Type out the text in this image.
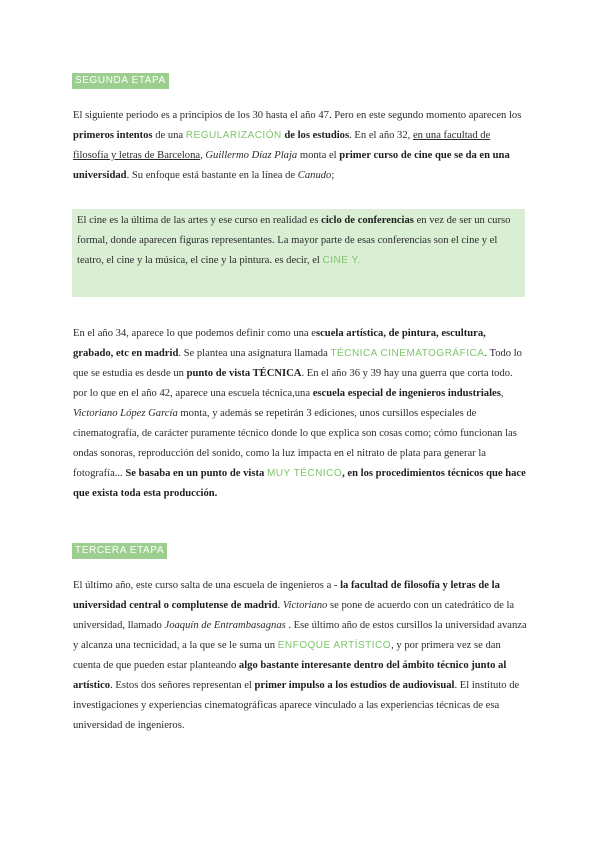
SEGUNDA ETAPA

El siguiente periodo es a principios de los 30 hasta el año 47. Pero en este segundo momento aparecen los primeros intentos de una REGULARIZACIÓN de los estudios. En el año 32, en una facultad de filosofía y letras de Barcelona, Guillermo Díaz Plaja monta el primer curso de cine que se da en una universidad. Su enfoque está bastante en la línea de Canudo;

El cine es la última de las artes y ese curso en realidad es ciclo de conferencias en vez de ser un curso formal, donde aparecen figuras representantes. La mayor parte de esas conferencias son el cine y el teatro, el cine y la música, el cine y la pintura. es decir, el CINE Y.

En el año 34, aparece lo que podemos definir como una escuela artística, de pintura, escultura, grabado, etc en madrid. Se plantea una asignatura llamada TÉCNICA CINEMATOGRÁFICA. Todo lo que se estudia es desde un punto de vista TÉCNICA. En el año 36 y 39 hay una guerra que corta todo. por lo que en el año 42, aparece una escuela técnica,una escuela especial de ingenieros industriales, Victoriano López García monta, y además se repetirán 3 ediciones, unos cursillos especiales de cinematografía, de carácter puramente técnico donde lo que explica son cosas como; cómo funcionan las ondas sonoras, reproducción del sonido, como la luz impacta en el nitrato de plata para generar la fotografía... Se basaba en un punto de vista MUY TÉCNICO, en los procedimientos técnicos que hace que exista toda esta producción.

TERCERA ETAPA

El último año, este curso salta de una escuela de ingenieros a - la facultad de filosofía y letras de la universidad central o complutense de madrid. Victoriano se pone de acuerdo con un catedrático de la universidad, llamado Joaquín de Entrambasagnas . Ese último año de estos cursillos la universidad avanza y alcanza una tecnicidad, a la que se le suma un ENFOQUE ARTÍSTICO, y por primera vez se dan cuenta de que pueden estar planteando algo bastante interesante dentro del ámbito técnico junto al artístico. Estos dos señores representan el primer impulso a los estudios de audiovisual. El instituto de investigaciones y experiencias cinematográficas aparece vinculado a las experiencias técnicas de esa universidad de ingenieros.
